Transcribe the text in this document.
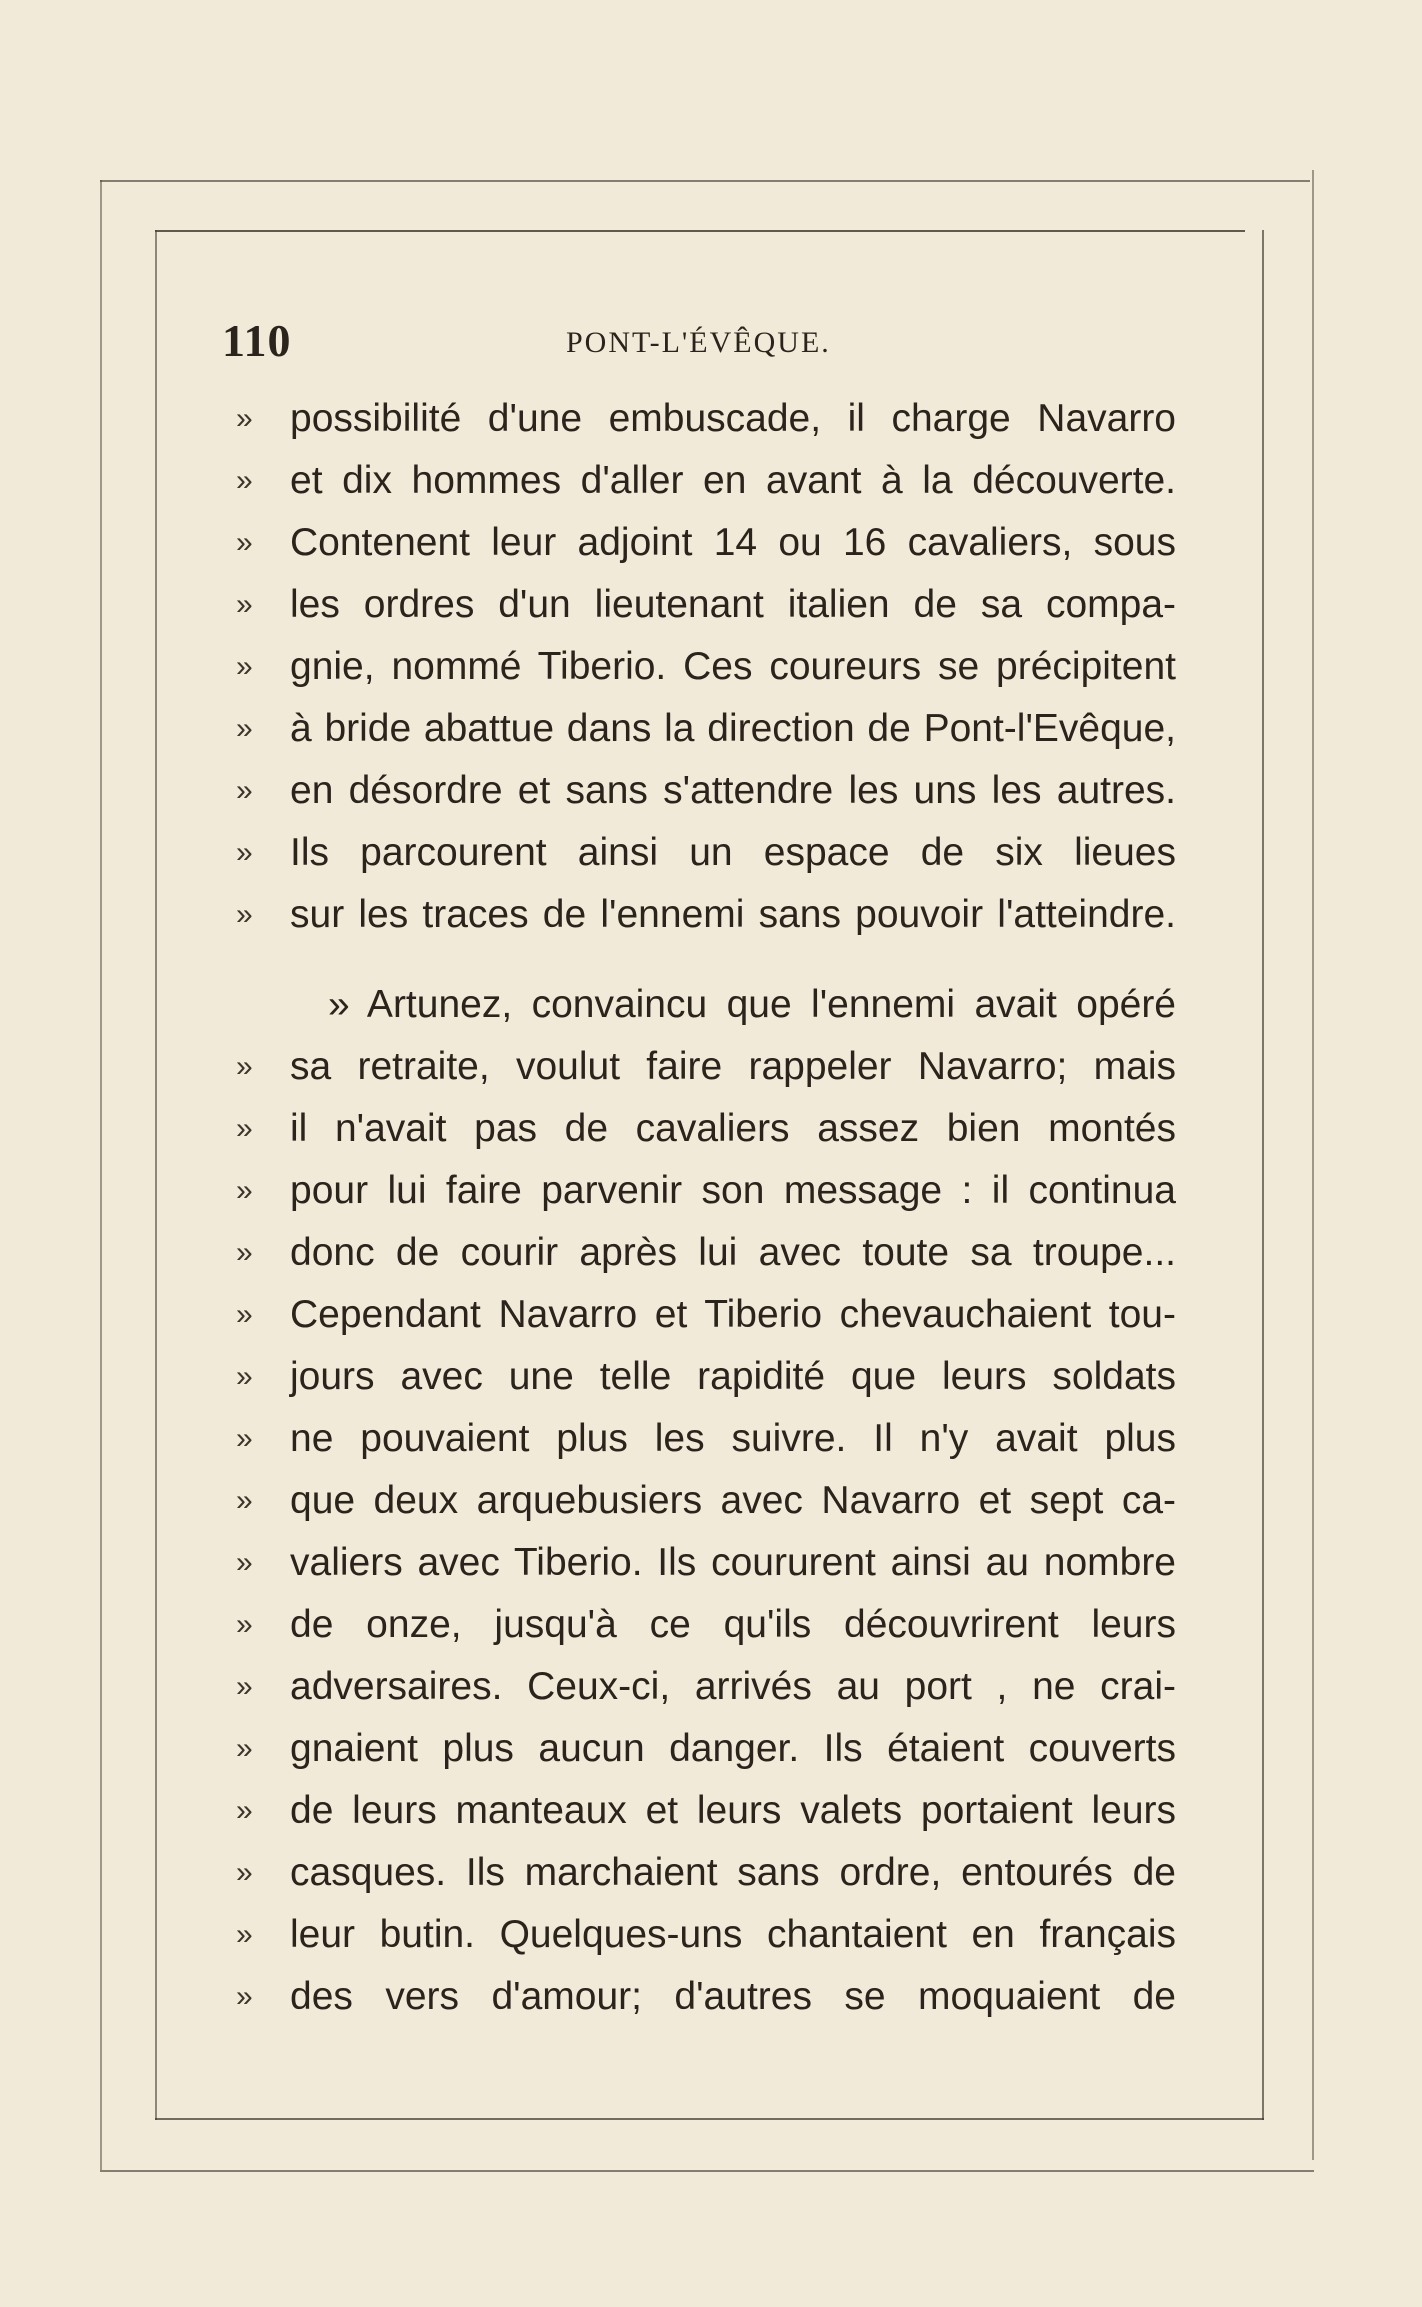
110	PONT-L'ÉVÊQUE.
» possibilité d'une embuscade, il charge Navarro
» et dix hommes d'aller en avant à la découverte.
» Contenent leur adjoint 14 ou 16 cavaliers, sous
» les ordres d'un lieutenant italien de sa compa-
» gnie, nommé Tiberio. Ces coureurs se précipitent
» à bride abattue dans la direction de Pont-l'Evêque,
» en désordre et sans s'attendre les uns les autres.
» Ils parcourent ainsi un espace de six lieues
» sur les traces de l'ennemi sans pouvoir l'atteindre.
» Artunez, convaincu que l'ennemi avait opéré
» sa retraite, voulut faire rappeler Navarro; mais
» il n'avait pas de cavaliers assez bien montés
» pour lui faire parvenir son message : il continua
» donc de courir après lui avec toute sa troupe...
» Cependant Navarro et Tiberio chevauchaient tou-
» jours avec une telle rapidité que leurs soldats
» ne pouvaient plus les suivre. Il n'y avait plus
» que deux arquebusiers avec Navarro et sept ca-
» valiers avec Tiberio. Ils coururent ainsi au nombre
» de onze, jusqu'à ce qu'ils découvrirent leurs
» adversaires. Ceux-ci, arrivés au port , ne crai-
» gnaient plus aucun danger. Ils étaient couverts
» de leurs manteaux et leurs valets portaient leurs
» casques. Ils marchaient sans ordre, entourés de
» leur butin. Quelques-uns chantaient en français
» des vers d'amour; d'autres se moquaient de
